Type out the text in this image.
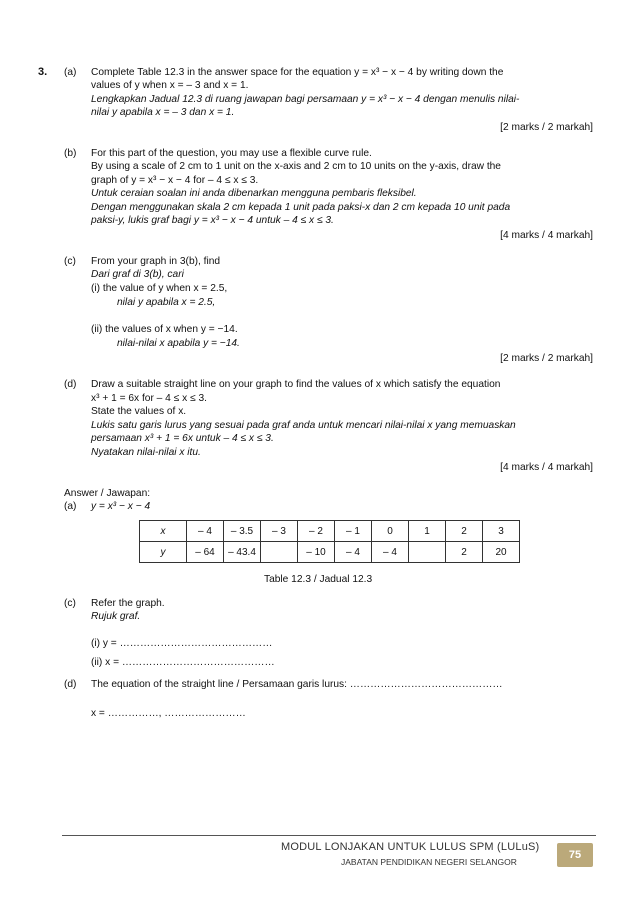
3. (a) Complete Table 12.3 in the answer space for the equation y = x³ − x − 4 by writing down the
values of y when x = – 3 and x = 1.
Lengkapkan Jadual 12.3 di ruang jawapan bagi persamaan y = x³ − x − 4 dengan menulis nilai-
nilai y apabila x = – 3 dan x = 1.
[2 marks / 2 markah]
(b) For this part of the question, you may use a flexible curve rule.
By using a scale of 2 cm to 1 unit on the x-axis and 2 cm to 10 units on the y-axis, draw the
graph of y = x³ − x − 4 for – 4 ≤ x ≤ 3.
Untuk ceraian soalan ini anda dibenarkan mengguna pembaris fleksibel.
Dengan menggunakan skala 2 cm kepada 1 unit pada paksi-x dan 2 cm kepada 10 unit pada
paksi-y, lukis graf bagi y = x³ − x − 4 untuk – 4 ≤ x ≤ 3.
[4 marks / 4 markah]
(c) From your graph in 3(b), find
Dari graf di 3(b), cari
(i) the value of y when x = 2.5,
nilai y apabila x = 2.5,
(ii) the values of x when y = −14.
nilai-nilai x apabila y = −14.
[2 marks / 2 markah]
(d) Draw a suitable straight line on your graph to find the values of x which satisfy the equation
x³ + 1 = 6x for – 4 ≤ x ≤ 3.
State the values of x.
Lukis satu garis lurus yang sesuai pada graf anda untuk mencari nilai-nilai x yang memuaskan
persamaan x³ + 1 = 6x untuk – 4 ≤ x ≤ 3.
Nyatakan nilai-nilai x itu.
[4 marks / 4 markah]
Answer / Jawapan:
(a) y = x³ − x − 4
x	– 4	– 3.5	– 3	– 2	– 1	0	1	2	3
y	– 64	– 43.4		– 10	– 4	– 4		2	20
Table 12.3 / Jadual 12.3
(c) Refer the graph.
Rujuk graf.
(i) y = ………………………………………
(ii) x = ………………………………………
(d) The equation of the straight line / Persamaan garis lurus: ………………………………………
x = ……………, ……………………
MODUL LONJAKAN UNTUK LULUS SPM (LULuS)
JABATAN PENDIDIKAN NEGERI SELANGOR
75
